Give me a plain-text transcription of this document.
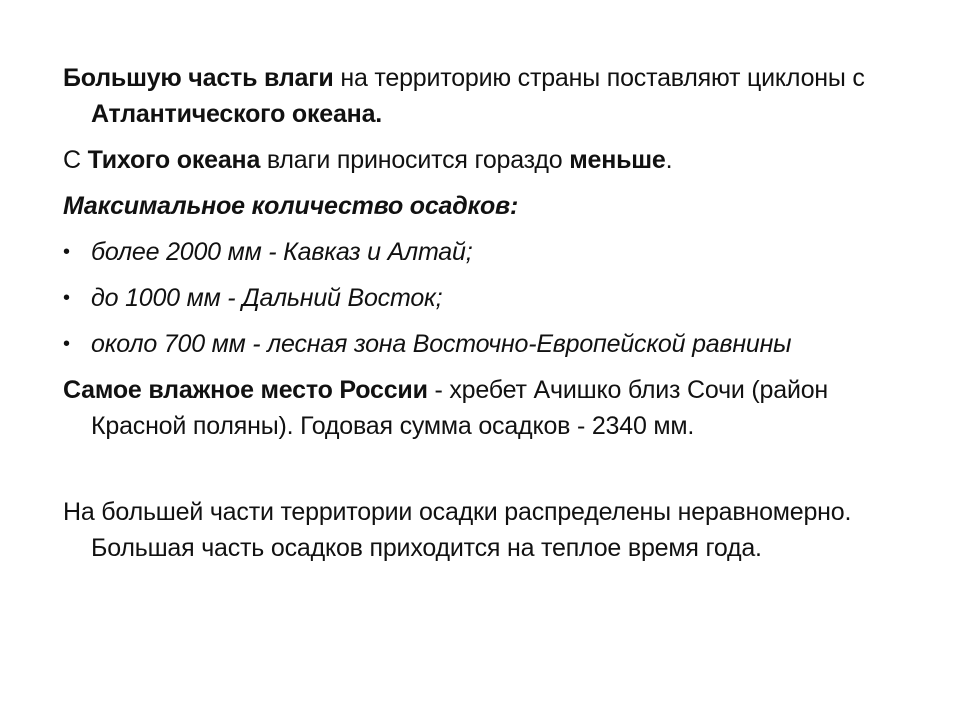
Большую часть влаги на территорию страны поставляют циклоны с Атлантического океана.

С Тихого океана влаги приносится гораздо меньше.

Максимальное количество осадков:

• более 2000 мм - Кавказ и Алтай;
• до 1000 мм - Дальний Восток;
• около 700 мм - лесная зона Восточно-Европейской равнины

Самое влажное место России - хребет Ачишко близ Сочи (район Красной поляны). Годовая сумма осадков - 2340 мм.

На большей части территории осадки распределены неравномерно. Большая часть осадков приходится на теплое время года.
